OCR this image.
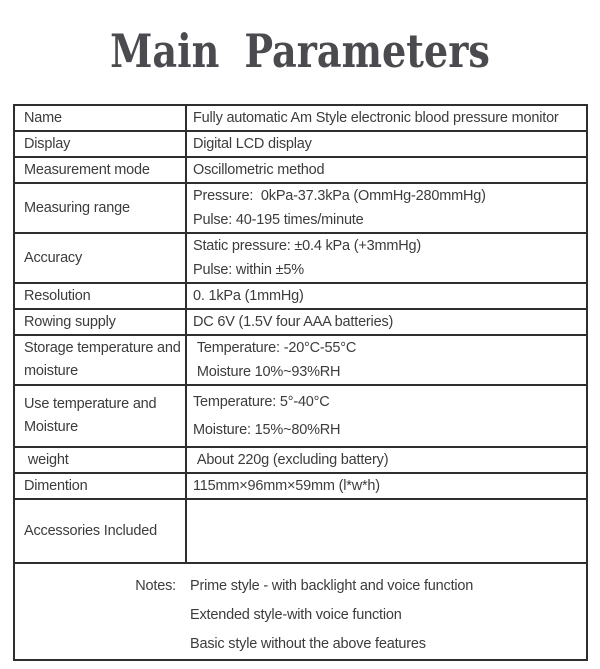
Main Parameters
Name	Fully automatic Am Style electronic blood pressure monitor

Display	Digital LCD display

Measurement mode	Oscillometric method

Measuring range	Pressure:  0kPa-37.3kPa (OmmHg-280mmHg)
Pulse: 40-195 times/minute

Accuracy	Static pressure: ±0.4 kPa (+3mmHg)
Pulse: within ±5%

Resolution	0. 1kPa (1mmHg)

Rowing supply	DC 6V (1.5V four AAA batteries)

Storage temperature and moisture	Temperature: -20°C-55°C
Moisture 10%~93%RH

Use temperature and Moisture	Temperature: 5°-40°C
Moisture: 15%~80%RH

weight	About 220g (excluding battery)

Dimention	115mm×96mm×59mm (l*w*h)

Accessories Included	

Notes: Prime style - with backlight and voice function
Extended style-with voice function
Basic style without the above features	
